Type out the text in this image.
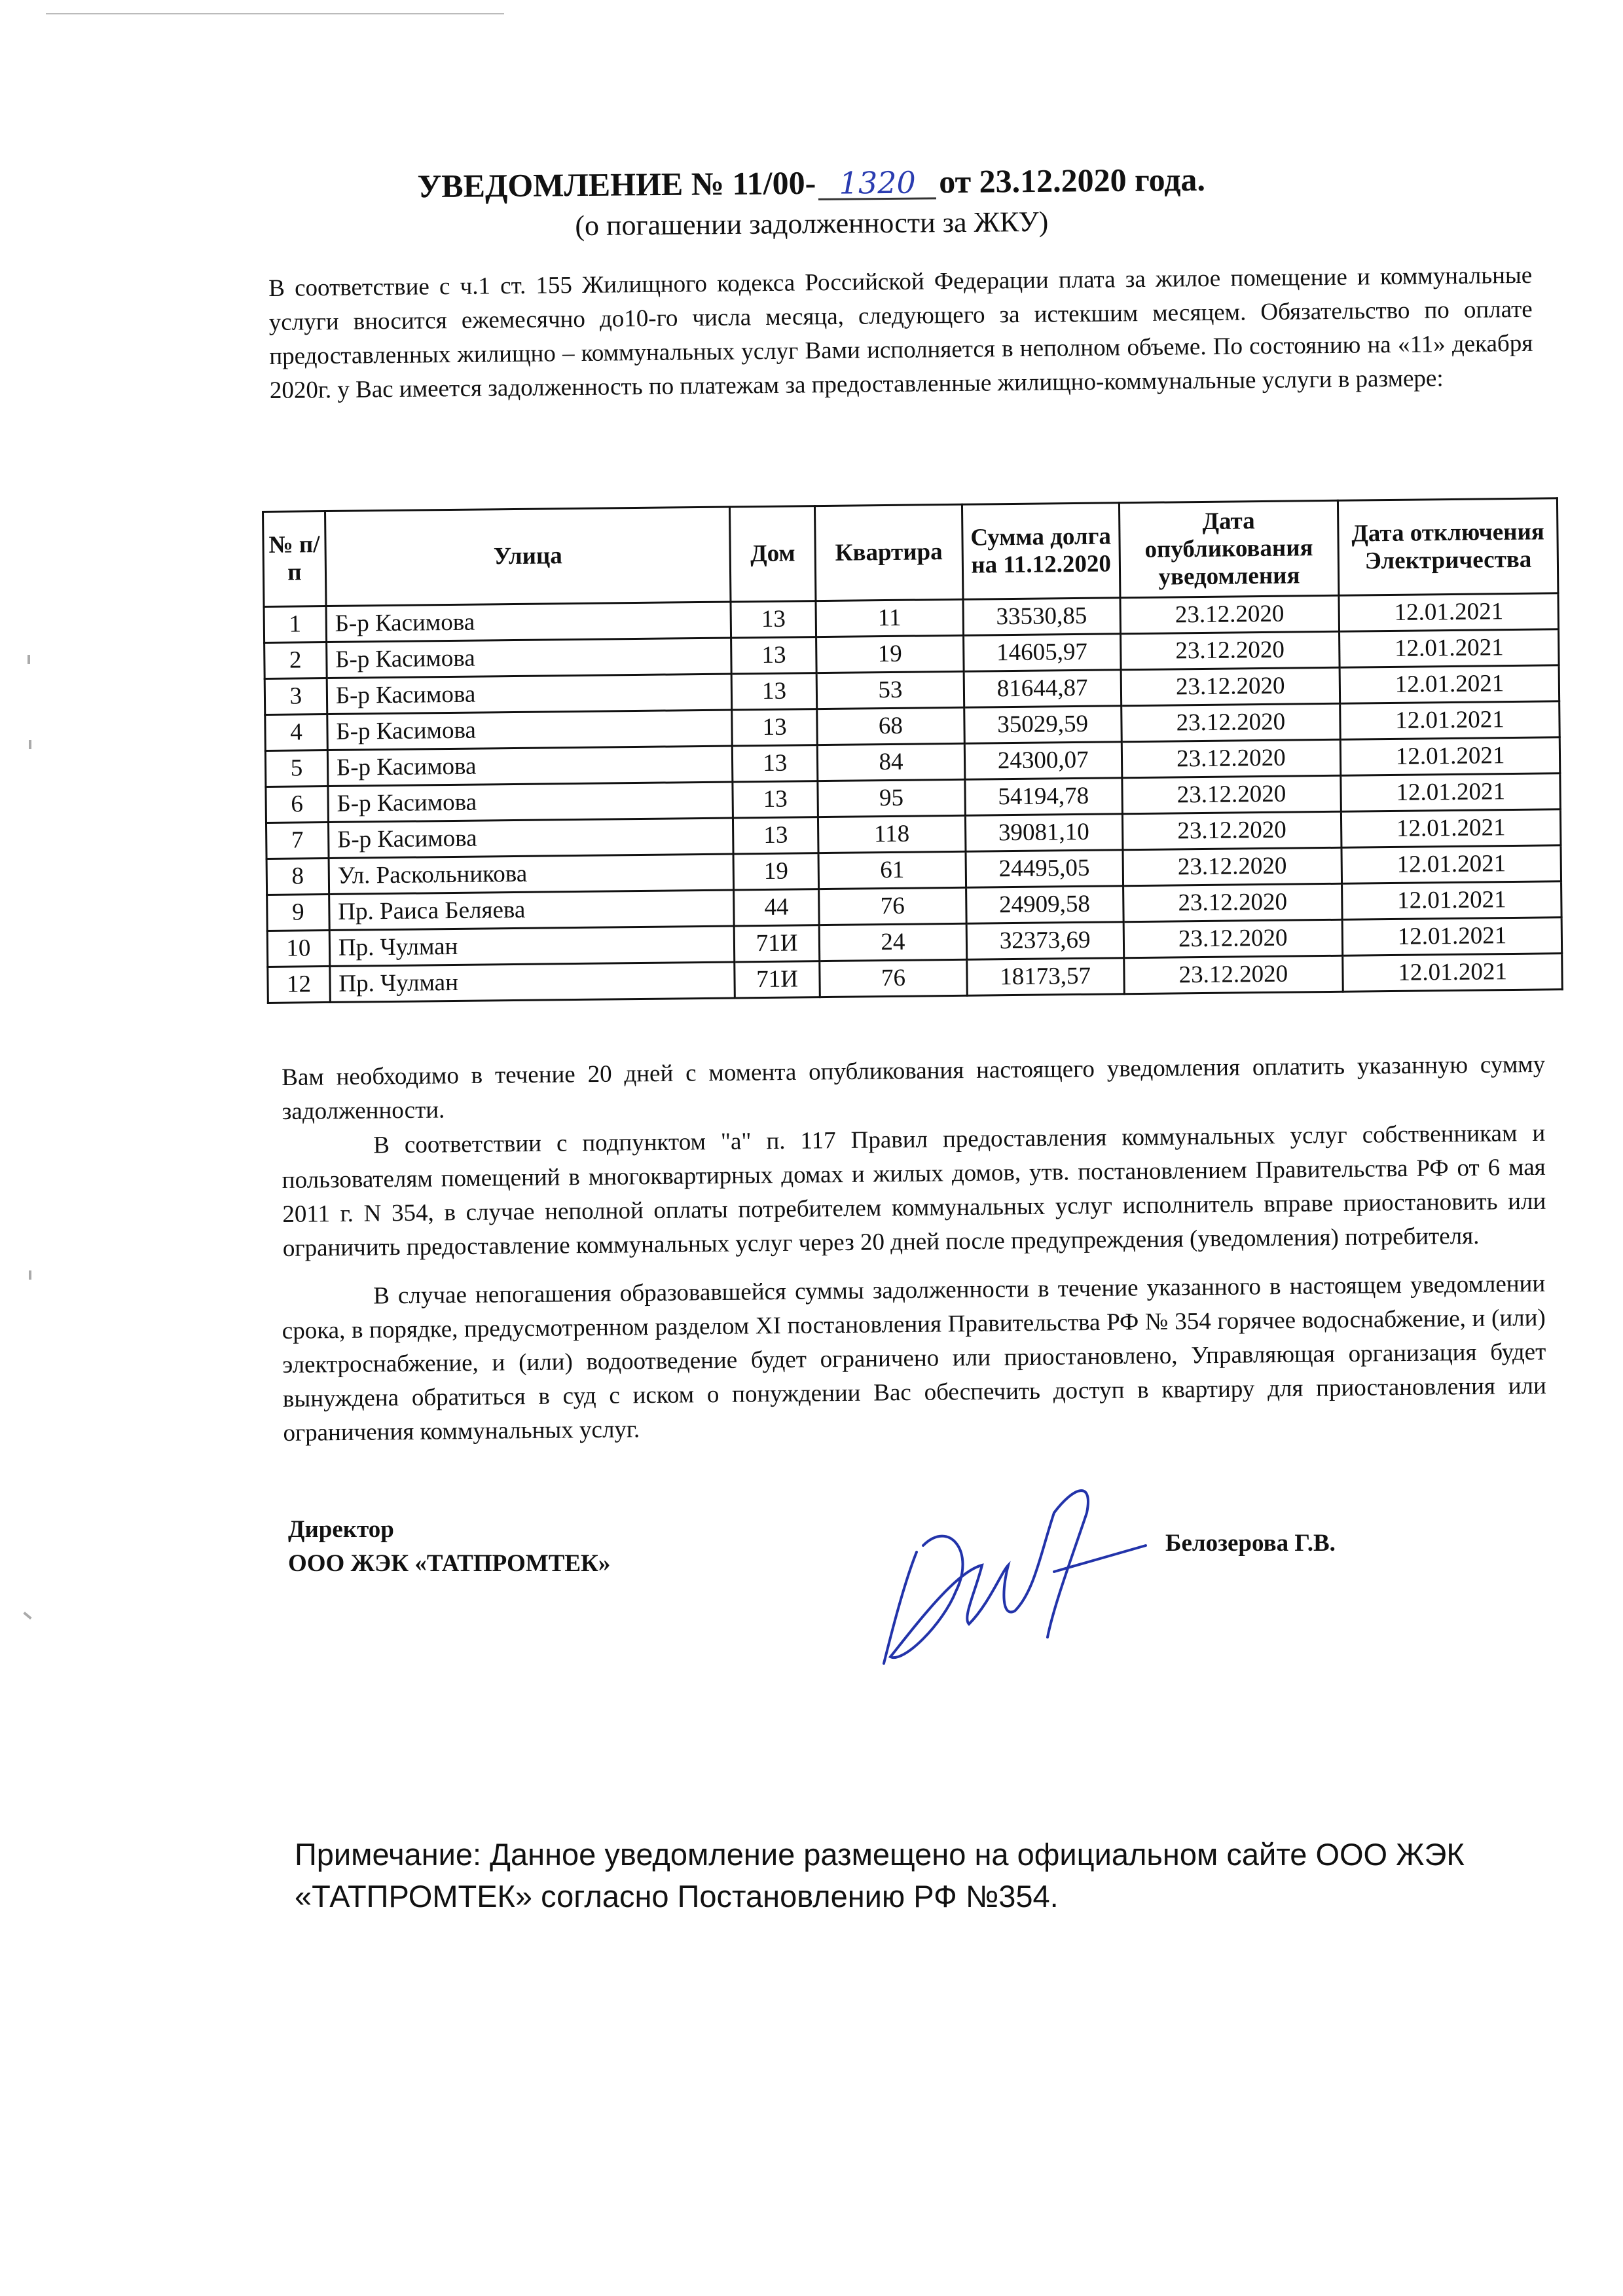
УВЕДОМЛЕНИЕ № 11/00- 1320 от 23.12.2020 года.
(о погашении задолженности за ЖКУ)
В соответствие с ч.1 ст. 155 Жилищного кодекса Российской Федерации плата за жилое помещение и коммунальные услуги вносится ежемесячно до10-го числа месяца, следующего за истекшим месяцем. Обязательство по оплате предоставленных жилищно – коммунальных услуг Вами исполняется в неполном объеме. По состоянию на «11» декабря 2020г. у Вас имеется задолженность по платежам за предоставленные жилищно-коммунальные услуги в размере:
№ п/п	Улица	Дом	Квартира	Сумма долга на 11.12.2020	Дата опубликования уведомления	Дата отключения Электричества
1	Б-р Касимова	13	11	33530,85	23.12.2020	12.01.2021
2	Б-р Касимова	13	19	14605,97	23.12.2020	12.01.2021
3	Б-р Касимова	13	53	81644,87	23.12.2020	12.01.2021
4	Б-р Касимова	13	68	35029,59	23.12.2020	12.01.2021
5	Б-р Касимова	13	84	24300,07	23.12.2020	12.01.2021
6	Б-р Касимова	13	95	54194,78	23.12.2020	12.01.2021
7	Б-р Касимова	13	118	39081,10	23.12.2020	12.01.2021
8	Ул. Раскольникова	19	61	24495,05	23.12.2020	12.01.2021
9	Пр. Раиса Беляева	44	76	24909,58	23.12.2020	12.01.2021
10	Пр. Чулман	71И	24	32373,69	23.12.2020	12.01.2021
12	Пр. Чулман	71И	76	18173,57	23.12.2020	12.01.2021
Вам необходимо в течение 20 дней с момента опубликования настоящего уведомления оплатить указанную сумму задолженности.
В соответствии с подпунктом "а" п. 117 Правил предоставления коммунальных услуг собственникам и пользователям помещений в многоквартирных домах и жилых домов, утв. постановлением Правительства РФ от 6 мая 2011 г. N 354, в случае неполной оплаты потребителем коммунальных услуг исполнитель вправе приостановить или ограничить предоставление коммунальных услуг через 20 дней после предупреждения (уведомления) потребителя.
В случае непогашения образовавшейся суммы задолженности в течение указанного в настоящем уведомлении срока, в порядке, предусмотренном разделом XI постановления Правительства РФ № 354 горячее водоснабжение, и (или) электроснабжение, и (или) водоотведение будет ограничено или приостановлено, Управляющая организация будет вынуждена обратиться в суд с иском о понуждении Вас обеспечить доступ в квартиру для приостановления или ограничения коммунальных услуг.
Директор
ООО ЖЭК «ТАТПРОМТЕК»
Белозерова Г.В.
Примечание: Данное уведомление размещено на официальном сайте ООО ЖЭК «ТАТПРОМТЕК» согласно Постановлению РФ №354.
